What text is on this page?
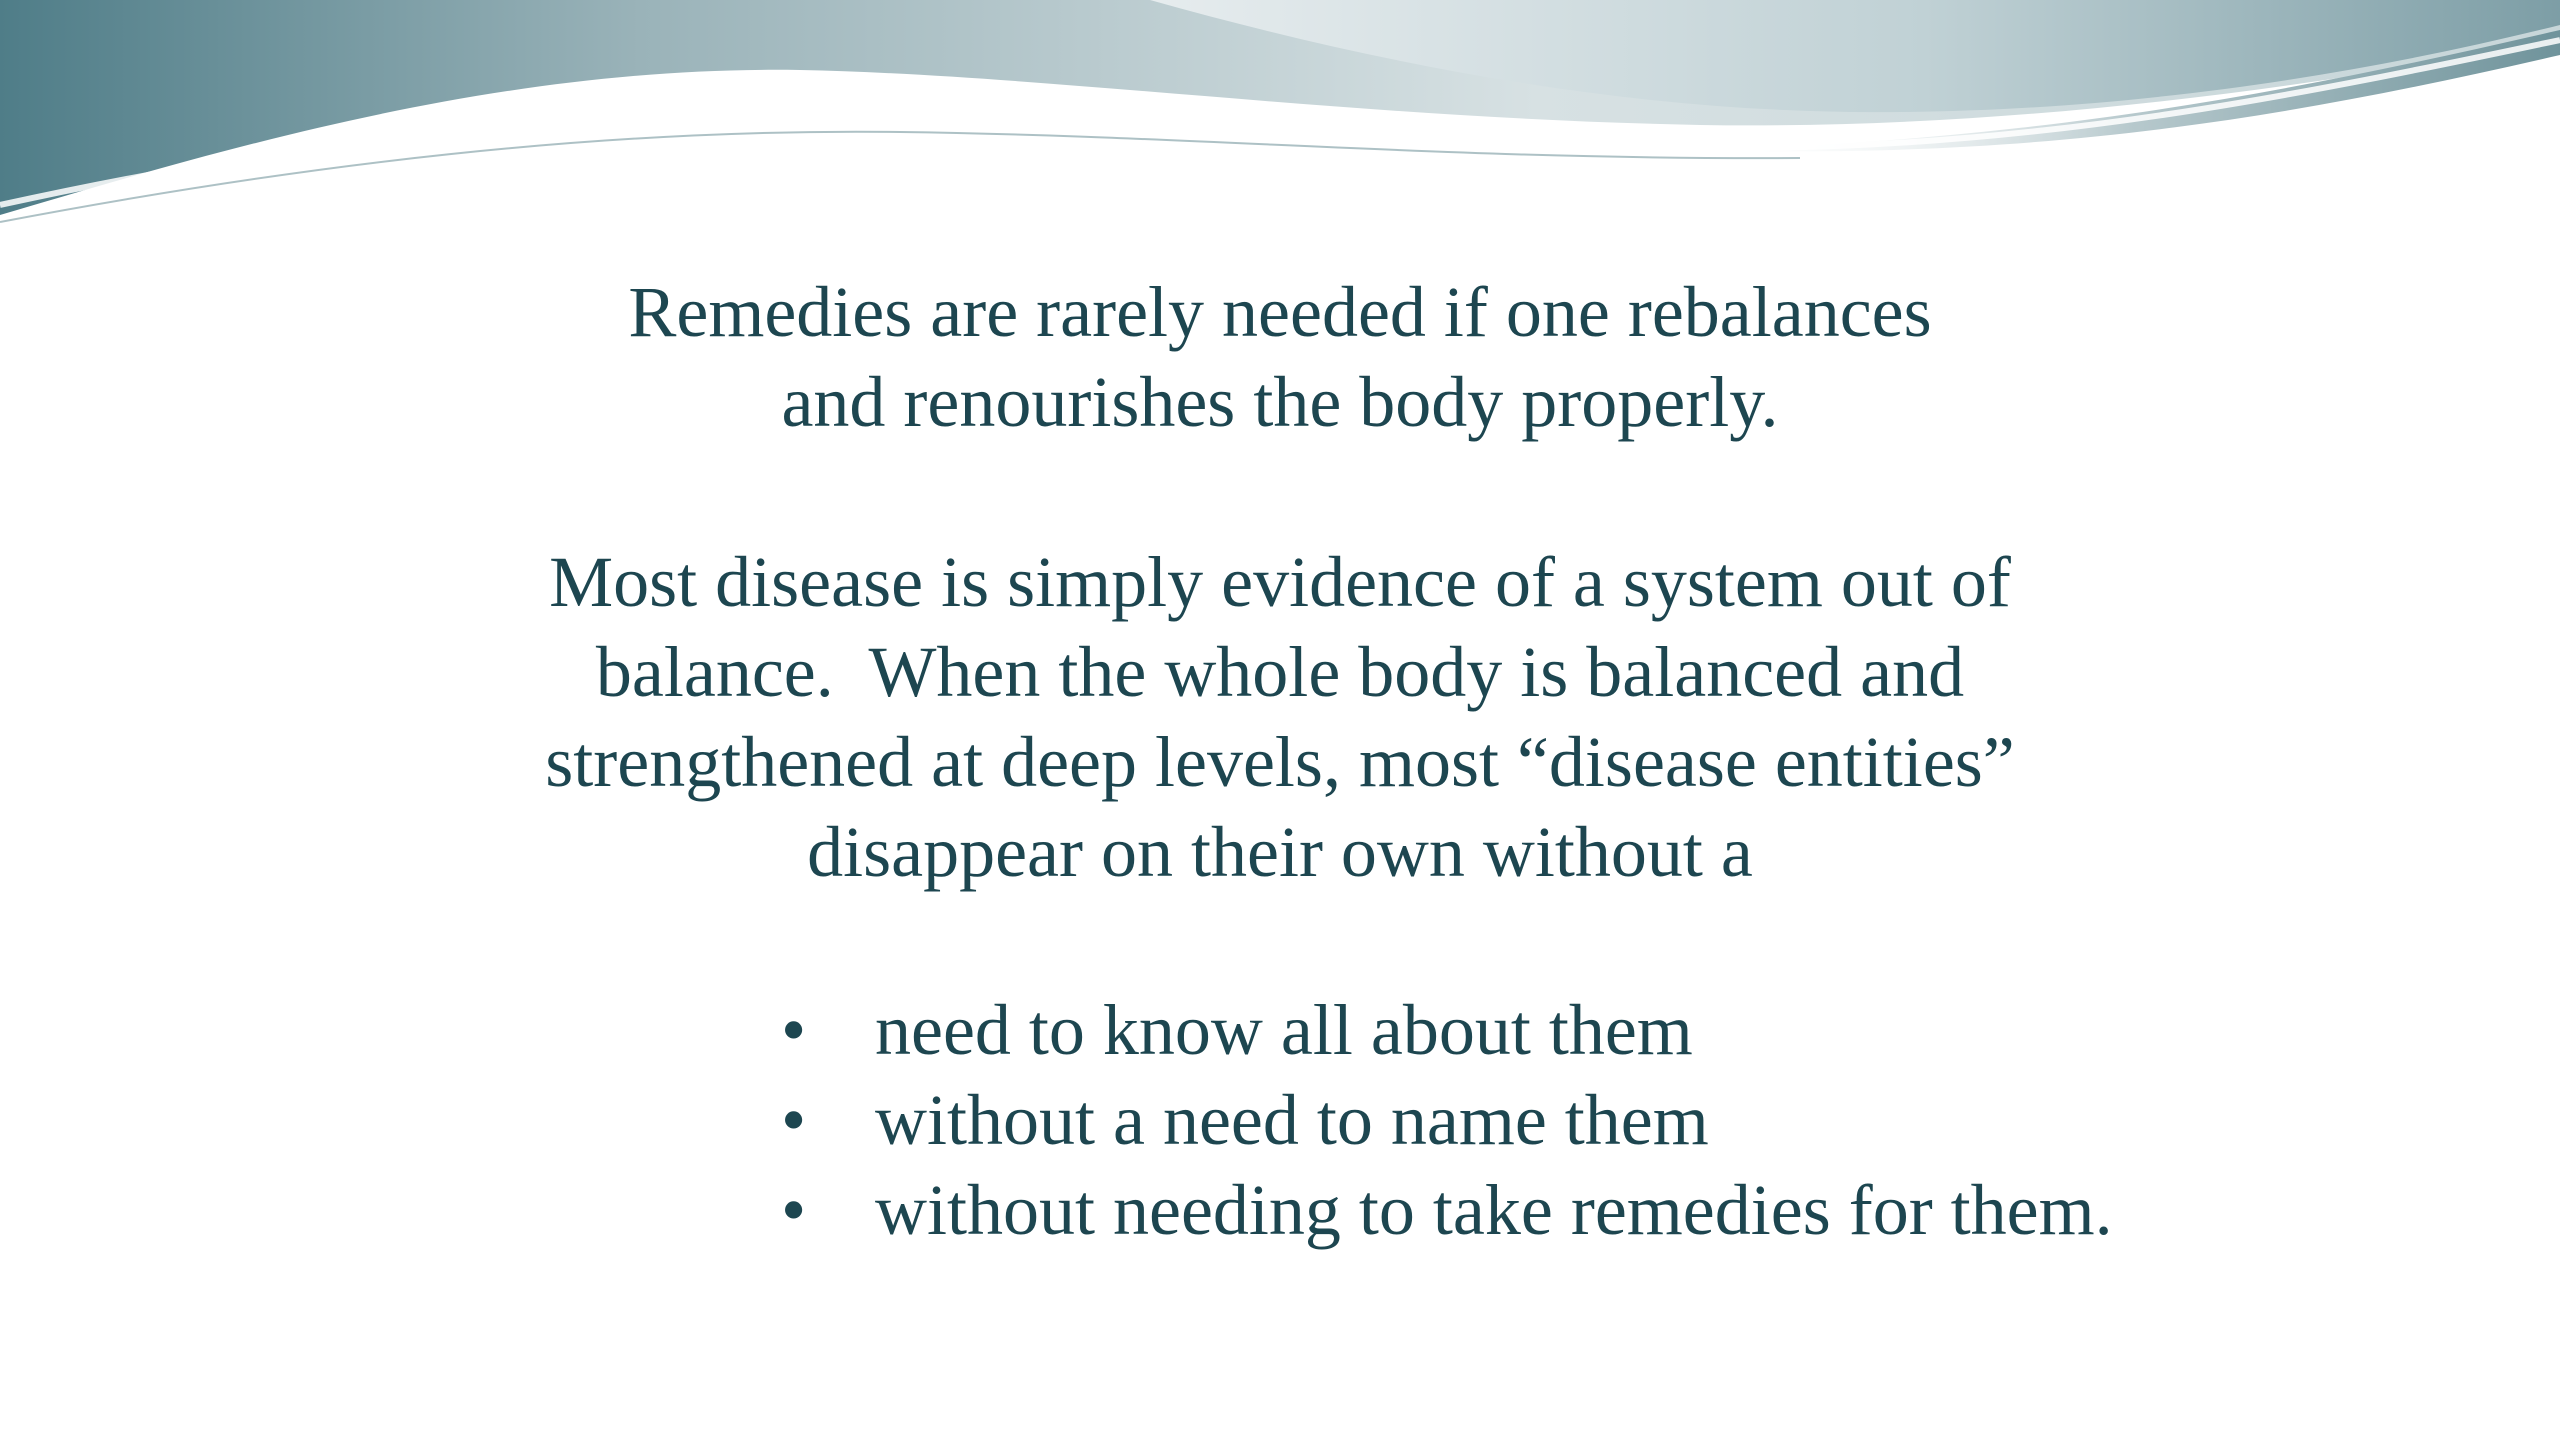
Remedies are rarely needed if one rebalances
and renourishes the body properly.

Most disease is simply evidence of a system out of
balance.  When the whole body is balanced and
strengthened at deep levels, most “disease entities”
disappear on their own without a

• need to know all about them
• without a need to name them
• without needing to take remedies for them.
